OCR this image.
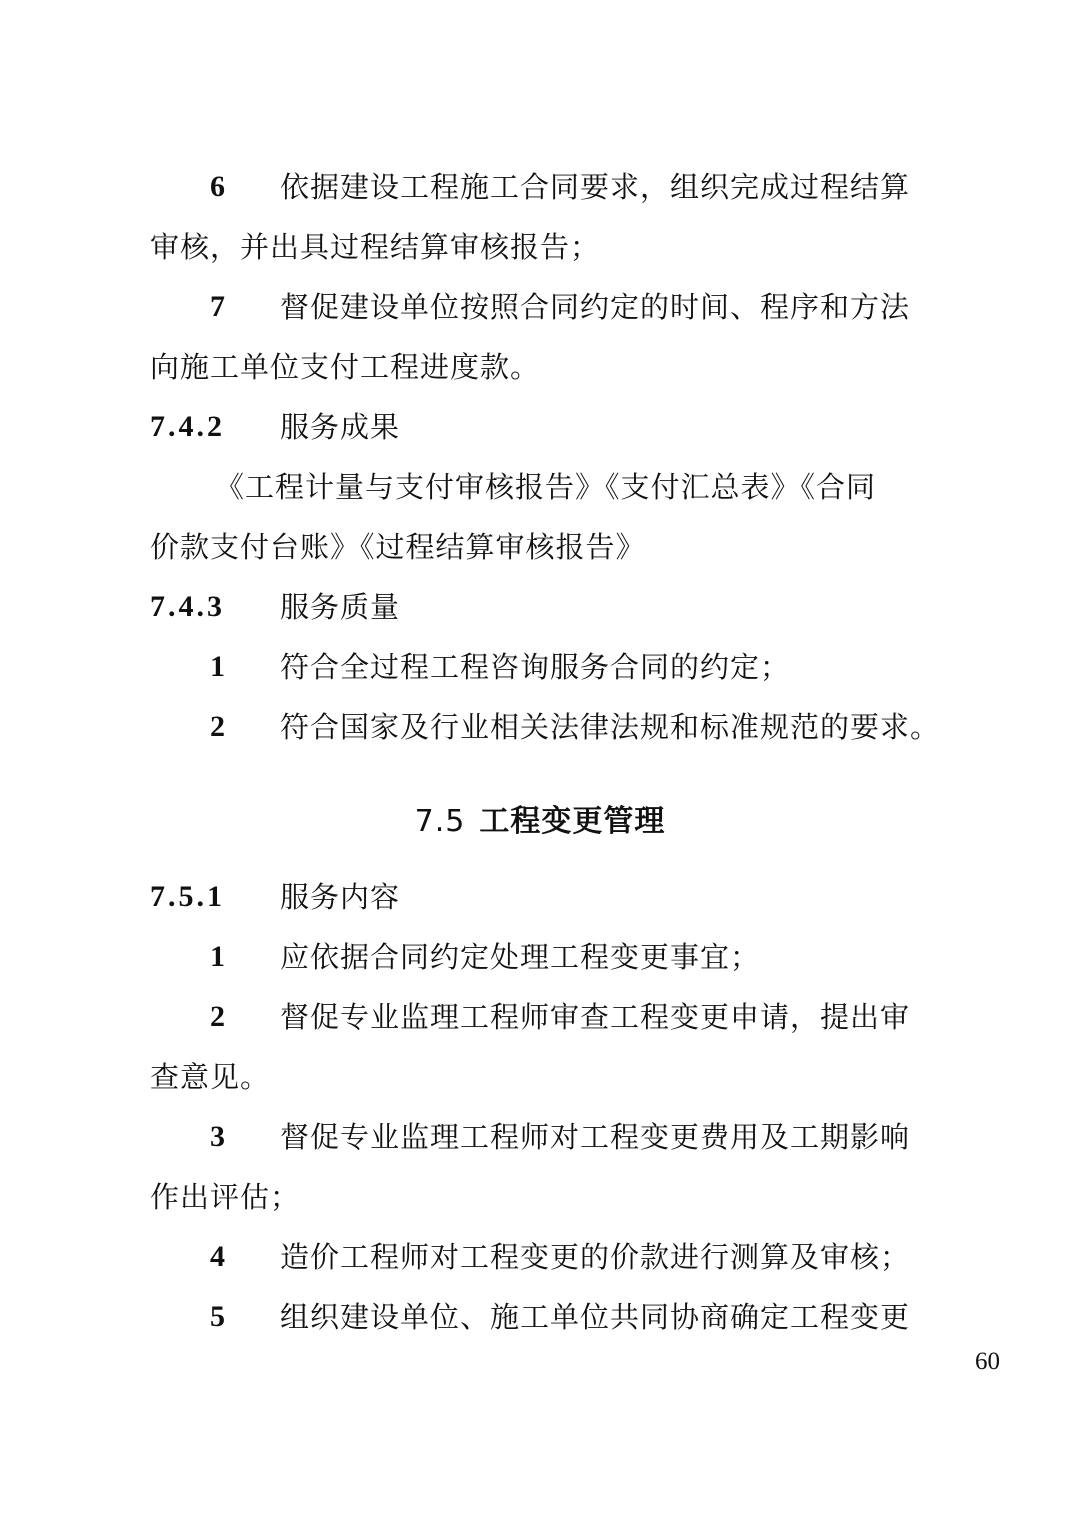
6 依据建设工程施工合同要求，组织完成过程结算
审核，并出具过程结算审核报告；
7 督促建设单位按照合同约定的时间、程序和方法
向施工单位支付工程进度款。
7.4.2 服务成果
《工程计量与支付审核报告》《支付汇总表》《合同
价款支付台账》《过程结算审核报告》
7.4.3 服务质量
1 符合全过程工程咨询服务合同的约定；
2 符合国家及行业相关法律法规和标准规范的要求。
7.5 工程变更管理
7.5.1 服务内容
1 应依据合同约定处理工程变更事宜；
2 督促专业监理工程师审查工程变更申请，提出审
查意见。
3 督促专业监理工程师对工程变更费用及工期影响
作出评估；
4 造价工程师对工程变更的价款进行测算及审核；
5 组织建设单位、施工单位共同协商确定工程变更
60
